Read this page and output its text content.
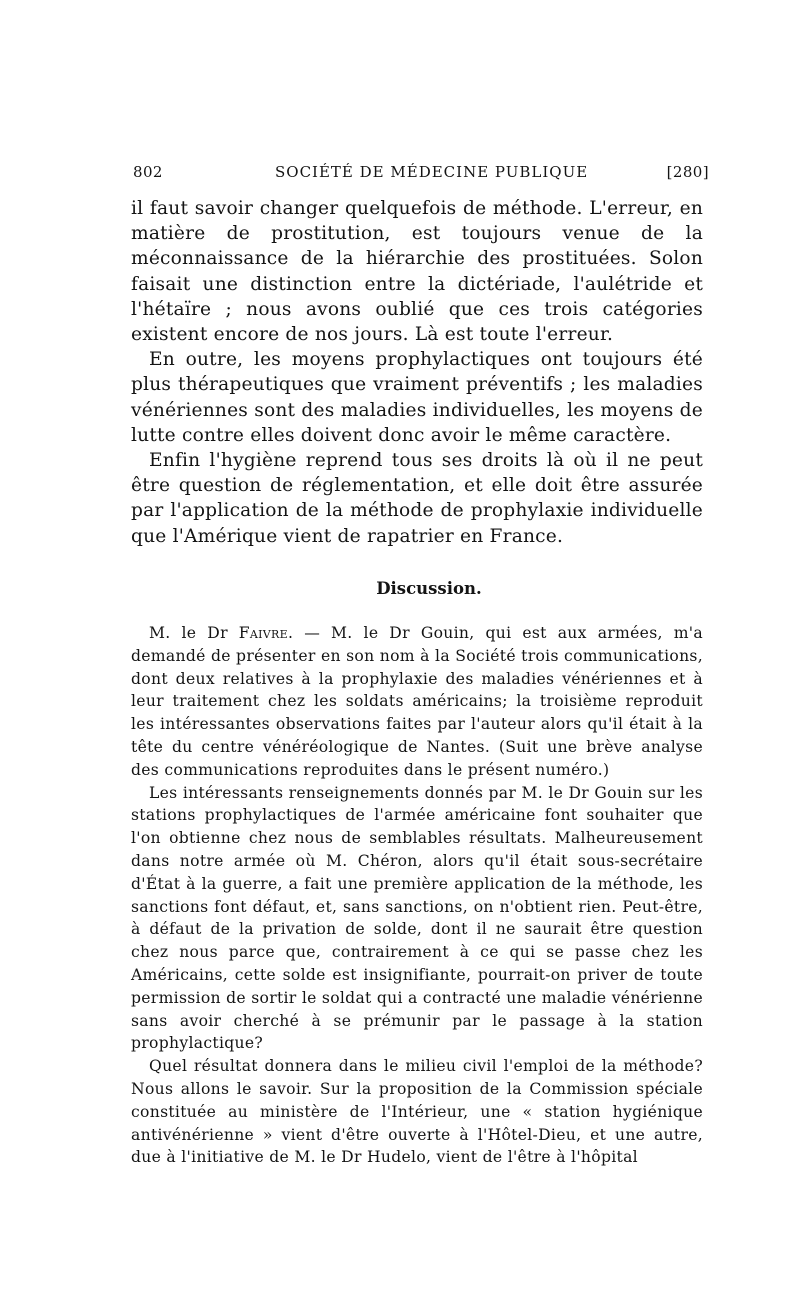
802	SOCIÉTÉ DE MÉDECINE PUBLIQUE	[280]

il faut savoir changer quelquefois de méthode. L'erreur, en matière de prostitution, est toujours venue de la méconnaissance de la hiérarchie des prostituées. Solon faisait une distinction entre la dictériade, l'aulétride et l'hétaïre ; nous avons oublié que ces trois catégories existent encore de nos jours. Là est toute l'erreur.

En outre, les moyens prophylactiques ont toujours été plus thérapeutiques que vraiment préventifs ; les maladies vénériennes sont des maladies individuelles, les moyens de lutte contre elles doivent donc avoir le même caractère.

Enfin l'hygiène reprend tous ses droits là où il ne peut être question de réglementation, et elle doit être assurée par l'application de la méthode de prophylaxie individuelle que l'Amérique vient de rapatrier en France.

Discussion.

M. le Dr Faivre. — M. le Dr Gouin, qui est aux armées, m'a demandé de présenter en son nom à la Société trois communications, dont deux relatives à la prophylaxie des maladies vénériennes et à leur traitement chez les soldats américains; la troisième reproduit les intéressantes observations faites par l'auteur alors qu'il était à la tête du centre vénéréologique de Nantes. (Suit une brève analyse des communications reproduites dans le présent numéro.)

Les intéressants renseignements donnés par M. le Dr Gouin sur les stations prophylactiques de l'armée américaine font souhaiter que l'on obtienne chez nous de semblables résultats. Malheureusement dans notre armée où M. Chéron, alors qu'il était sous-secrétaire d'État à la guerre, a fait une première application de la méthode, les sanctions font défaut, et, sans sanctions, on n'obtient rien. Peut-être, à défaut de la privation de solde, dont il ne saurait être question chez nous parce que, contrairement à ce qui se passe chez les Américains, cette solde est insignifiante, pourrait-on priver de toute permission de sortir le soldat qui a contracté une maladie vénérienne sans avoir cherché à se prémunir par le passage à la station prophylactique?

Quel résultat donnera dans le milieu civil l'emploi de la méthode? Nous allons le savoir. Sur la proposition de la Commission spéciale constituée au ministère de l'Intérieur, une « station hygiénique antivénérienne » vient d'être ouverte à l'Hôtel-Dieu, et une autre, due à l'initiative de M. le Dr Hudelo, vient de l'être à l'hôpital
